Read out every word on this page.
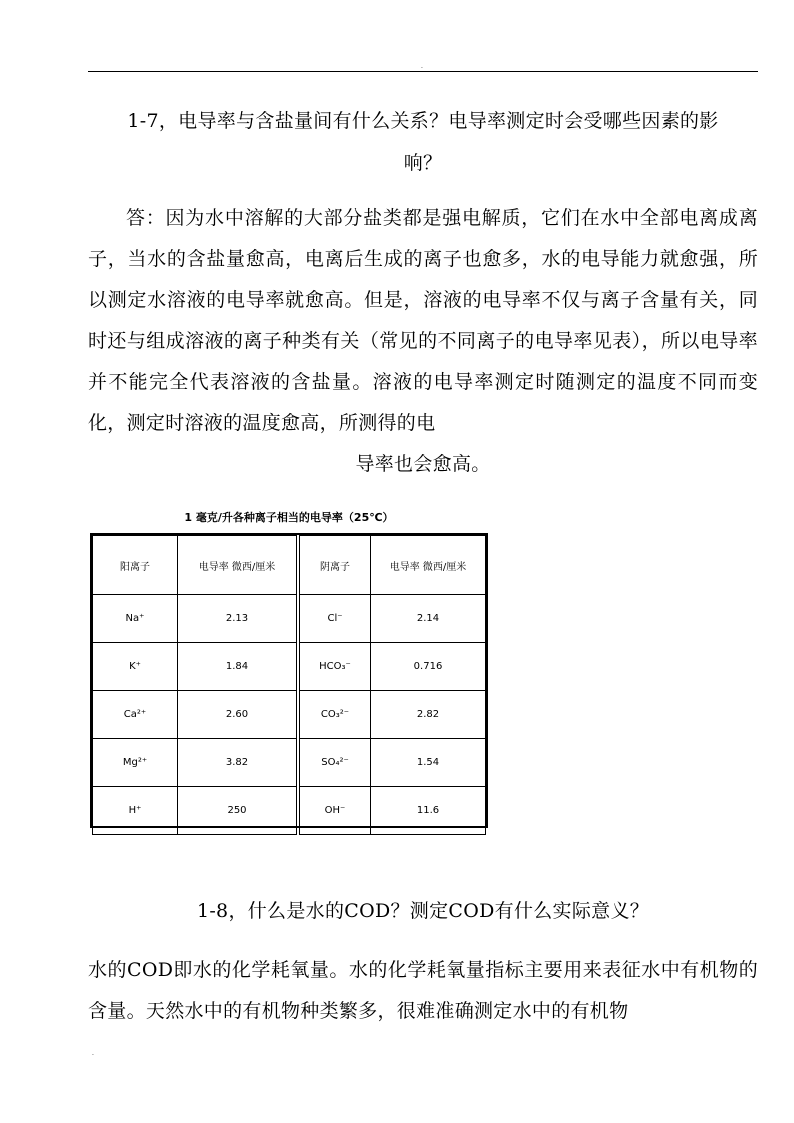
.
1-7，电导率与含盐量间有什么关系？电导率测定时会受哪些因素的影
响？
答：因为水中溶解的大部分盐类都是强电解质，它们在水中全部电离成离子，当水的含盐量愈高，电离后生成的离子也愈多，水的电导能力就愈强，所以测定水溶液的电导率就愈高。但是，溶液的电导率不仅与离子含量有关，同时还与组成溶液的离子种类有关（常见的不同离子的电导率见表），所以电导率并不能完全代表溶液的含盐量。溶液的电导率测定时随测定的温度不同而变化，测定时溶液的温度愈高，所测得的电
导率也会愈高。
1 毫克/升各种离子相当的电导率（25℃）
阳离子	电导率 微西/厘米	阴离子	电导率 微西/厘米
Na⁺	2.13	Cl⁻	2.14
K⁺	1.84	HCO₃⁻	0.716
Ca²⁺	2.60	CO₃²⁻	2.82
Mg²⁺	3.82	SO₄²⁻	1.54
H⁺	250	OH⁻	11.6
1-8，什么是水的COD？测定COD有什么实际意义？
水的COD即水的化学耗氧量。水的化学耗氧量指标主要用来表征水中有机物的含量。天然水中的有机物种类繁多，很难准确测定水中的有机物
.
